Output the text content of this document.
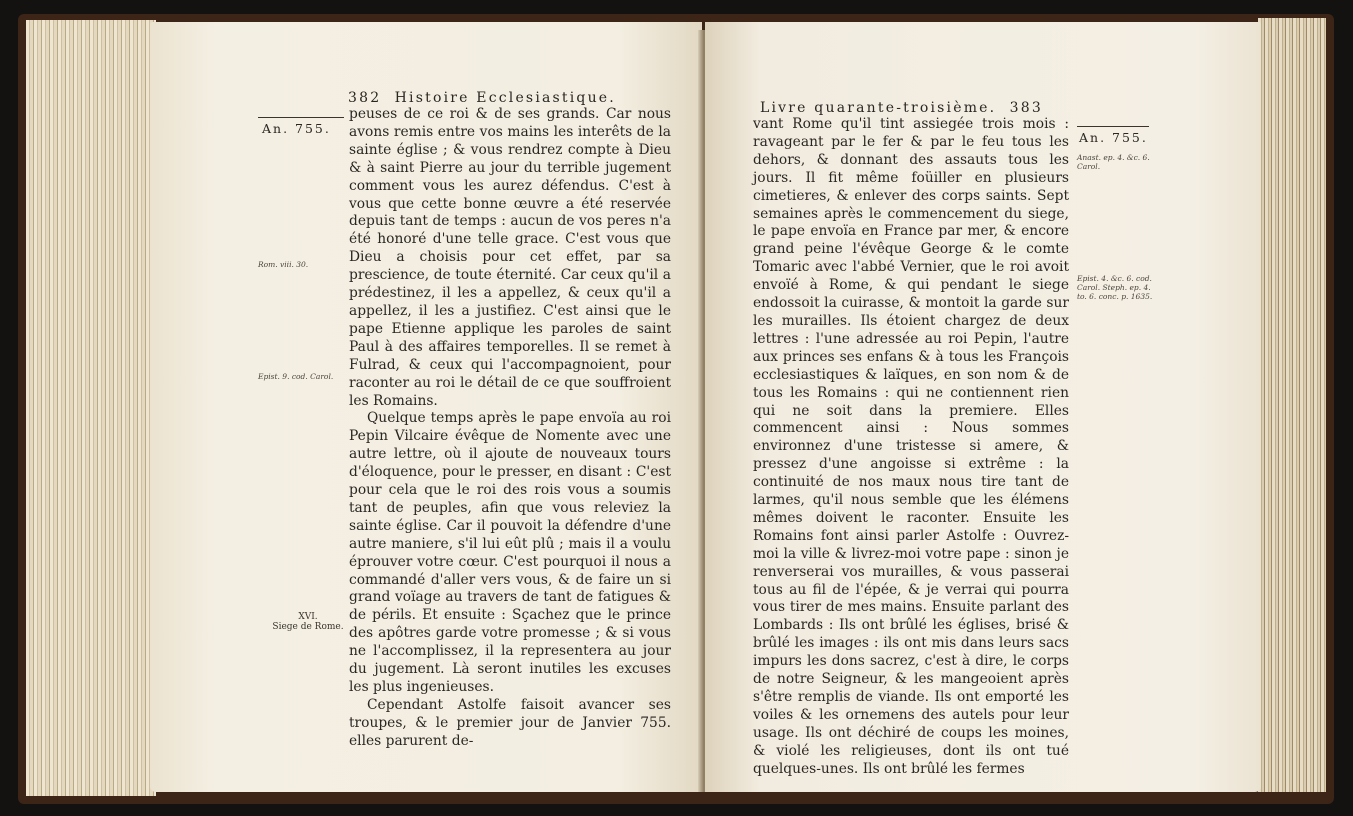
382 Histoire Ecclesiastique.
An. 755.
Rom. viii. 30.
Epist. 9. cod. Carol.
XVI.
Siege de Rome.

peuses de ce roi & de ses grands. Car nous avons remis entre vos mains les interêts de la sainte église ; & vous rendrez compte à Dieu & à saint Pierre au jour du terrible jugement comment vous les aurez défendus. C'est à vous que cette bonne œuvre a été reservée depuis tant de temps : aucun de vos peres n'a été honoré d'une telle grace. C'est vous que Dieu a choisis pour cet effet, par sa prescience, de toute éternité. Car ceux qu'il a prédestinez, il les a appellez, & ceux qu'il a appellez, il les a justifiez. C'est ainsi que le pape Etienne applique les paroles de saint Paul à des affaires temporelles. Il se remet à Fulrad, & ceux qui l'accompagnoient, pour raconter au roi le détail de ce que souffroient les Romains.

Quelque temps après le pape envoïa au roi Pepin Vilcaire évêque de Nomente avec une autre lettre, où il ajoute de nouveaux tours d'éloquence, pour le presser, en disant : C'est pour cela que le roi des rois vous a soumis tant de peuples, afin que vous releviez la sainte église. Car il pouvoit la défendre d'une autre maniere, s'il lui eût plû ; mais il a voulu éprouver votre cœur. C'est pourquoi il nous a commandé d'aller vers vous, & de faire un si grand voïage au travers de tant de fatigues & de périls. Et ensuite : Sçachez que le prince des apôtres garde votre promesse ; & si vous ne l'accomplissez, il la representera au jour du jugement. Là seront inutiles les excuses les plus ingenieuses.

Cependant Astolfe faisoit avancer ses troupes, & le premier jour de Janvier 755. elles parurent de-

Livre quarante-troisième. 383
An. 755.
Anast. ep. 4. &c. 6. Carol.
Epist. 4. &c. 6. cod. Carol. Steph. ep. 4. to. 6. conc. p. 1635.

vant Rome qu'il tint assiegée trois mois : ravageant par le fer & par le feu tous les dehors, & donnant des assauts tous les jours. Il fit même foüiller en plusieurs cimetieres, & enlever des corps saints. Sept semaines après le commencement du siege, le pape envoïa en France par mer, & encore grand peine l'évêque George & le comte Tomaric avec l'abbé Vernier, que le roi avoit envoïé à Rome, & qui pendant le siege endossoit la cuirasse, & montoit la garde sur les murailles. Ils étoient chargez de deux lettres : l'une adressée au roi Pepin, l'autre aux princes ses enfans & à tous les François ecclesiastiques & laïques, en son nom & de tous les Romains : qui ne contiennent rien qui ne soit dans la premiere. Elles commencent ainsi : Nous sommes environnez d'une tristesse si amere, & pressez d'une angoisse si extrême : la continuité de nos maux nous tire tant de larmes, qu'il nous semble que les élémens mêmes doivent le raconter. Ensuite les Romains font ainsi parler Astolfe : Ouvrez-moi la ville & livrez-moi votre pape : sinon je renverserai vos murailles, & vous passerai tous au fil de l'épée, & je verrai qui pourra vous tirer de mes mains. Ensuite parlant des Lombards : Ils ont brûlé les églises, brisé & brûlé les images : ils ont mis dans leurs sacs impurs les dons sacrez, c'est à dire, le corps de notre Seigneur, & les mangeoient après s'être remplis de viande. Ils ont emporté les voiles & les ornemens des autels pour leur usage. Ils ont déchiré de coups les moines, & violé les religieuses, dont ils ont tué quelques-unes. Ils ont brûlé les fermes
